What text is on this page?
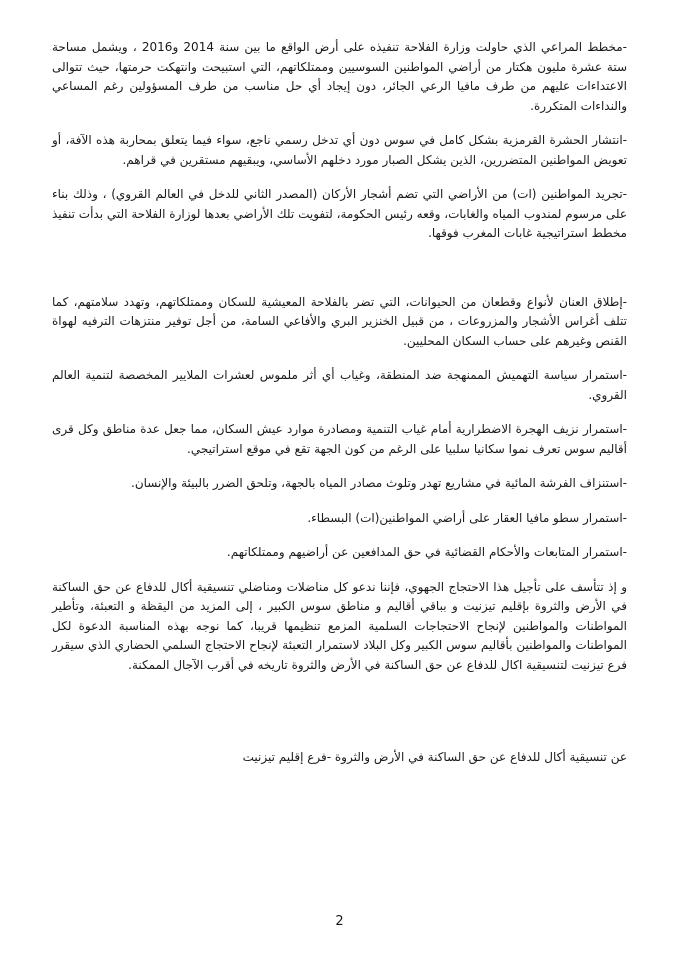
-مخطط المراعي الذي حاولت وزارة الفلاحة تنفيذه على أرض الواقع ما بين سنة 2014 و2016 ، ويشمل مساحة ستة عشرة مليون هكتار من أراضي المواطنين السوسيين وممتلكاتهم، التي استبيحت وانتهكت حرمتها، حيث تتوالى الاعتداءات عليهم من طرف مافيا الرعي الجائر، دون إيجاد أي حل مناسب من طرف المسؤولين رغم المساعي والنداءات المتكررة.

-انتشار الحشرة القرمزية بشكل كامل في سوس دون أي تدخل رسمي ناجع، سواء فيما يتعلق بمحاربة هذه الآفة، أو تعويض المواطنين المتضررين، الذين يشكل الصبار مورد دخلهم الأساسي، ويبقيهم مستقرين في قراهم.

-تجريد المواطنين (ات) من الأراضي التي تضم أشجار الأركان (المصدر الثاني للدخل في العالم القروي) ، وذلك بناء على مرسوم لمندوب المياه والغابات، وقعه رئيس الحكومة، لتفويت تلك الأراضي بعدها لوزارة الفلاحة التي بدأت تنفيذ مخطط استراتيجية غابات المغرب فوقها.

-إطلاق العنان لأنواع وقطعان من الحيوانات، التي تضر بالفلاحة المعيشية للسكان وممتلكاتهم، وتهدد سلامتهم، كما تتلف أغراس الأشجار والمزروعات ، من قبيل الخنزير البري والأفاعي السامة، من أجل توفير منتزهات الترفيه لهواة القنص وغيرهم على حساب السكان المحليين.

-استمرار سياسة التهميش الممنهجة ضد المنطقة، وغياب أي أثر ملموس لعشرات الملايير المخصصة لتنمية العالم القروي.

-استمرار نزيف الهجرة الاضطرارية أمام غياب التنمية ومصادرة موارد عيش السكان، مما جعل عدة مناطق وكل قرى أقاليم سوس تعرف نموا سكانيا سلبيا على الرغم من كون الجهة تقع في موقع استراتيجي.

-استنزاف الفرشة المائية في مشاريع تهدر وتلوث مصادر المياه بالجهة، وتلحق الضرر بالبيئة والإنسان.

-استمرار سطو مافيا العقار على أراضي المواطنين(ات) البسطاء.

-استمرار المتابعات والأحكام القضائية في حق المدافعين عن أراضيهم وممتلكاتهم.

و إذ تتأسف على تأجيل هذا الاحتجاج الجهوي، فإننا ندعو كل مناضلات ومناضلي تنسيقية أكال للدفاع عن حق الساكنة في الأرض والثروة بإقليم تيزنيت و بباقي أقاليم و مناطق سوس الكبير ، إلى المزيد من اليقظة و التعبئة، وتأطير المواطنات والمواطنين لإنجاح الاحتجاجات السلمية المزمع تنظيمها قريبا، كما نوجه بهذه المناسبة الدعوة لكل المواطنات والمواطنين بأقاليم سوس الكبير وكل البلاد لاستمرار التعبئة لإنجاح الاحتجاج السلمي الحضاري الذي سيقرر فرع تيزنيت لتنسيقية اكال للدفاع عن حق الساكنة في الأرض والثروة تاريخه في أقرب الآجال الممكنة.

عن تنسيقية أكال للدفاع عن حق الساكنة في الأرض والثروة -فرع إقليم تيزنيت
2
